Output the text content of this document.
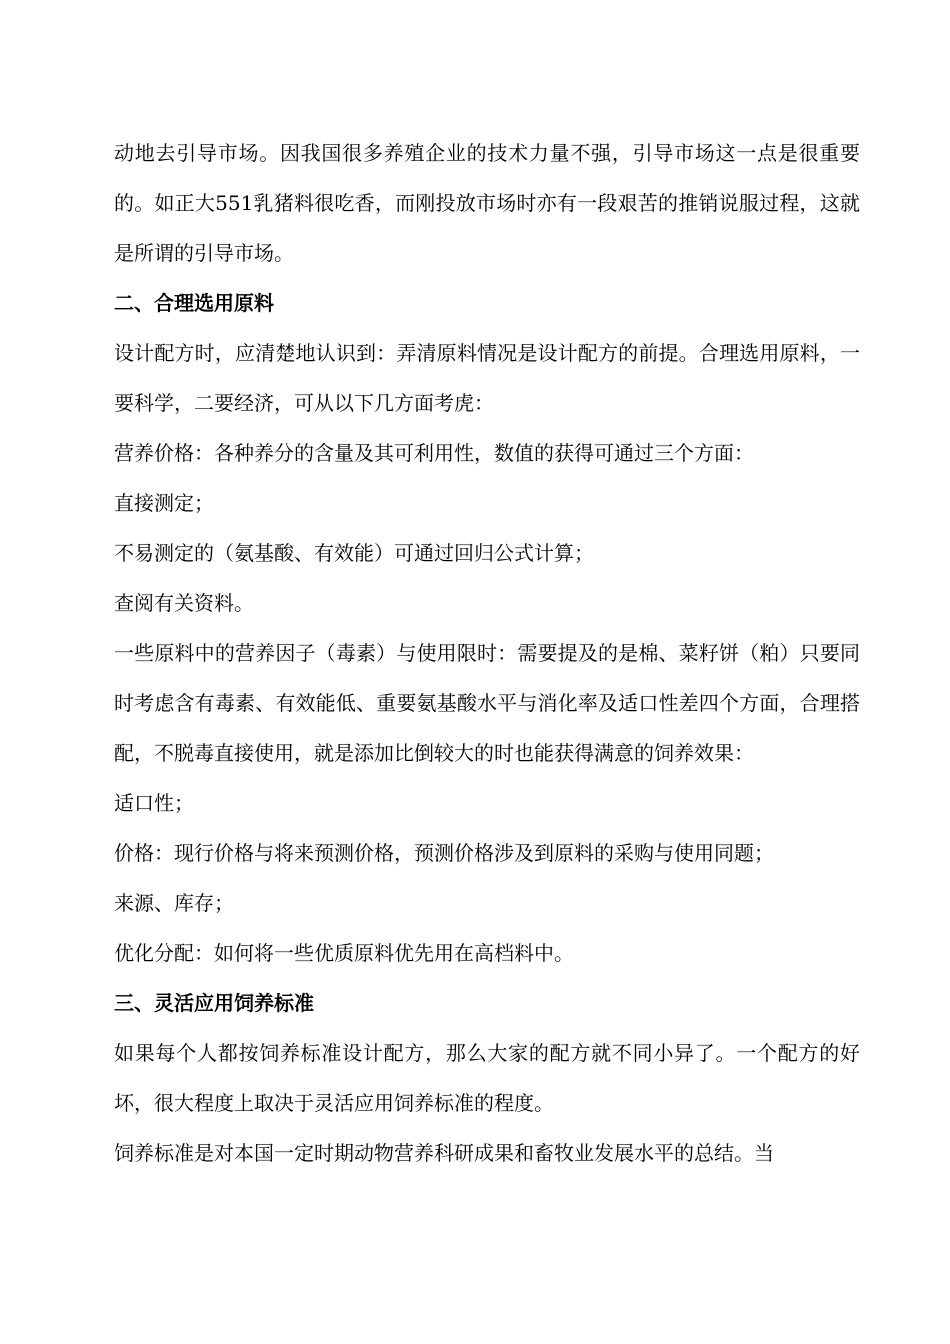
动地去引导市场。因我国很多养殖企业的技术力量不强，引导市场这一点是很重要的。如正大551乳猪料很吃香，而刚投放市场时亦有一段艰苦的推销说服过程，这就是所谓的引导市场。

二、合理选用原料

设计配方时，应清楚地认识到：弄清原料情况是设计配方的前提。合理选用原料，一要科学，二要经济，可从以下几方面考虎：

营养价格：各种养分的含量及其可利用性，数值的获得可通过三个方面：

直接测定；

不易测定的（氨基酸、有效能）可通过回归公式计算；

查阅有关资料。

一些原料中的营养因子（毒素）与使用限时：需要提及的是棉、菜籽饼（粕）只要同时考虑含有毒素、有效能低、重要氨基酸水平与消化率及适口性差四个方面，合理搭配，不脱毒直接使用，就是添加比倒较大的时也能获得满意的饲养效果：

适口性；

价格：现行价格与将来预测价格，预测价格涉及到原料的采购与使用同题；

来源、库存；

优化分配：如何将一些优质原料优先用在高档料中。

三、灵活应用饲养标准

如果每个人都按饲养标准设计配方，那么大家的配方就不同小异了。一个配方的好坏，很大程度上取决于灵活应用饲养标准的程度。

饲养标准是对本国一定时期动物营养科研成果和畜牧业发展水平的总结。当
